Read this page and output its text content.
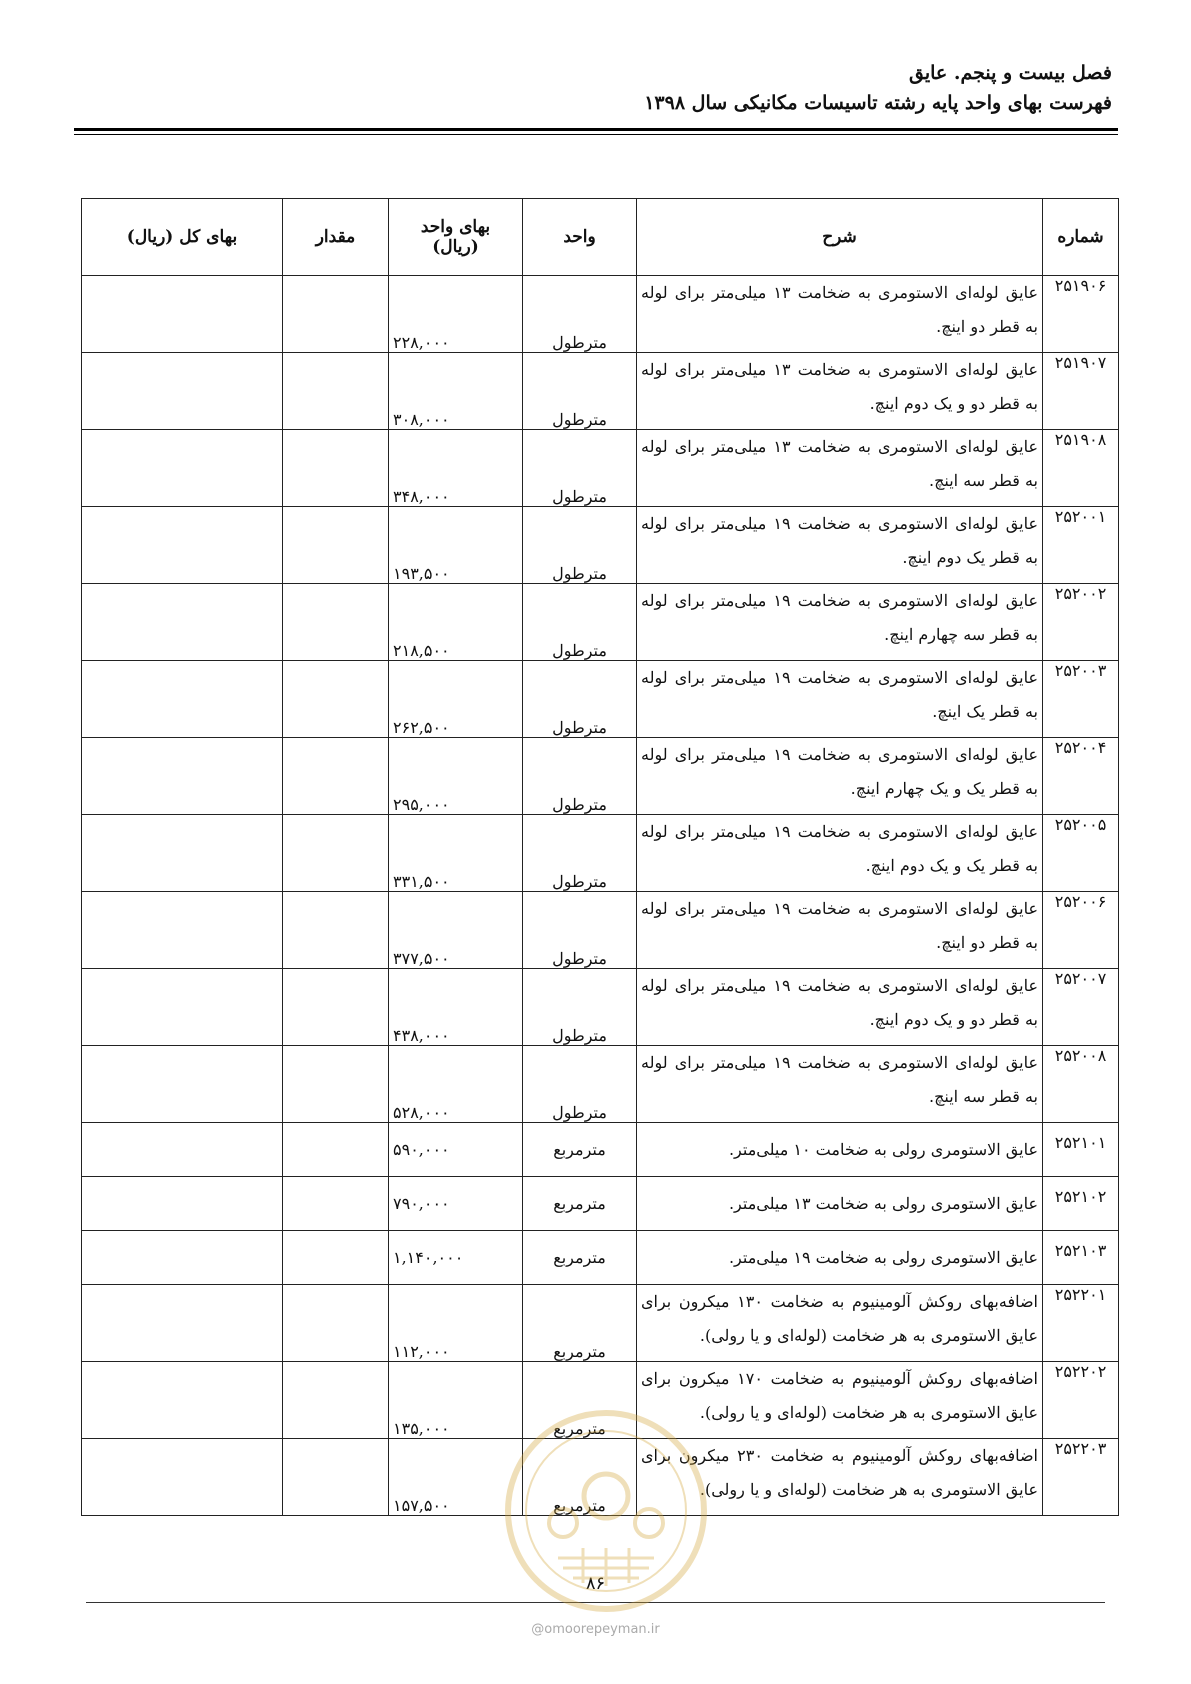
فصل بیست و پنجم. عایق
فهرست بهای واحد پایه رشته تاسیسات مکانیکی سال ۱۳۹۸
شماره	شرح	واحد	بهای واحد (ریال)	مقدار	بهای کل (ریال)
۲۵۱۹۰۶	عایق لوله‌ای الاستومری به ضخامت ۱۳ میلی‌متر برای لوله به قطر دو اینچ.	مترطول	۲۲۸,۰۰۰		
۲۵۱۹۰۷	عایق لوله‌ای الاستومری به ضخامت ۱۳ میلی‌متر برای لوله به قطر دو و یک دوم اینچ.	مترطول	۳۰۸,۰۰۰		
۲۵۱۹۰۸	عایق لوله‌ای الاستومری به ضخامت ۱۳ میلی‌متر برای لوله به قطر سه اینچ.	مترطول	۳۴۸,۰۰۰		
۲۵۲۰۰۱	عایق لوله‌ای الاستومری به ضخامت ۱۹ میلی‌متر برای لوله به قطر یک دوم اینچ.	مترطول	۱۹۳,۵۰۰		
۲۵۲۰۰۲	عایق لوله‌ای الاستومری به ضخامت ۱۹ میلی‌متر برای لوله به قطر سه چهارم اینچ.	مترطول	۲۱۸,۵۰۰		
۲۵۲۰۰۳	عایق لوله‌ای الاستومری به ضخامت ۱۹ میلی‌متر برای لوله به قطر یک اینچ.	مترطول	۲۶۲,۵۰۰		
۲۵۲۰۰۴	عایق لوله‌ای الاستومری به ضخامت ۱۹ میلی‌متر برای لوله به قطر یک و یک چهارم اینچ.	مترطول	۲۹۵,۰۰۰		
۲۵۲۰۰۵	عایق لوله‌ای الاستومری به ضخامت ۱۹ میلی‌متر برای لوله به قطر یک و یک دوم اینچ.	مترطول	۳۳۱,۵۰۰		
۲۵۲۰۰۶	عایق لوله‌ای الاستومری به ضخامت ۱۹ میلی‌متر برای لوله به قطر دو اینچ.	مترطول	۳۷۷,۵۰۰		
۲۵۲۰۰۷	عایق لوله‌ای الاستومری به ضخامت ۱۹ میلی‌متر برای لوله به قطر دو و یک دوم اینچ.	مترطول	۴۳۸,۰۰۰		
۲۵۲۰۰۸	عایق لوله‌ای الاستومری به ضخامت ۱۹ میلی‌متر برای لوله به قطر سه اینچ.	مترطول	۵۲۸,۰۰۰		
۲۵۲۱۰۱	عایق الاستومری رولی به ضخامت ۱۰ میلی‌متر.	مترمربع	۵۹۰,۰۰۰		
۲۵۲۱۰۲	عایق الاستومری رولی به ضخامت ۱۳ میلی‌متر.	مترمربع	۷۹۰,۰۰۰		
۲۵۲۱۰۳	عایق الاستومری رولی به ضخامت ۱۹ میلی‌متر.	مترمربع	۱,۱۴۰,۰۰۰		
۲۵۲۲۰۱	اضافه‌بهای روکش آلومینیوم به ضخامت ۱۳۰ میکرون برای عایق الاستومری به هر ضخامت (لوله‌ای و یا رولی).	مترمربع	۱۱۲,۰۰۰		
۲۵۲۲۰۲	اضافه‌بهای روکش آلومینیوم به ضخامت ۱۷۰ میکرون برای عایق الاستومری به هر ضخامت (لوله‌ای و یا رولی).	مترمربع	۱۳۵,۰۰۰		
۲۵۲۲۰۳	اضافه‌بهای روکش آلومینیوم به ضخامت ۲۳۰ میکرون برای عایق الاستومری به هر ضخامت (لوله‌ای و یا رولی).	مترمربع	۱۵۷,۵۰۰		
۸۶
@omoorepeyman.ir
